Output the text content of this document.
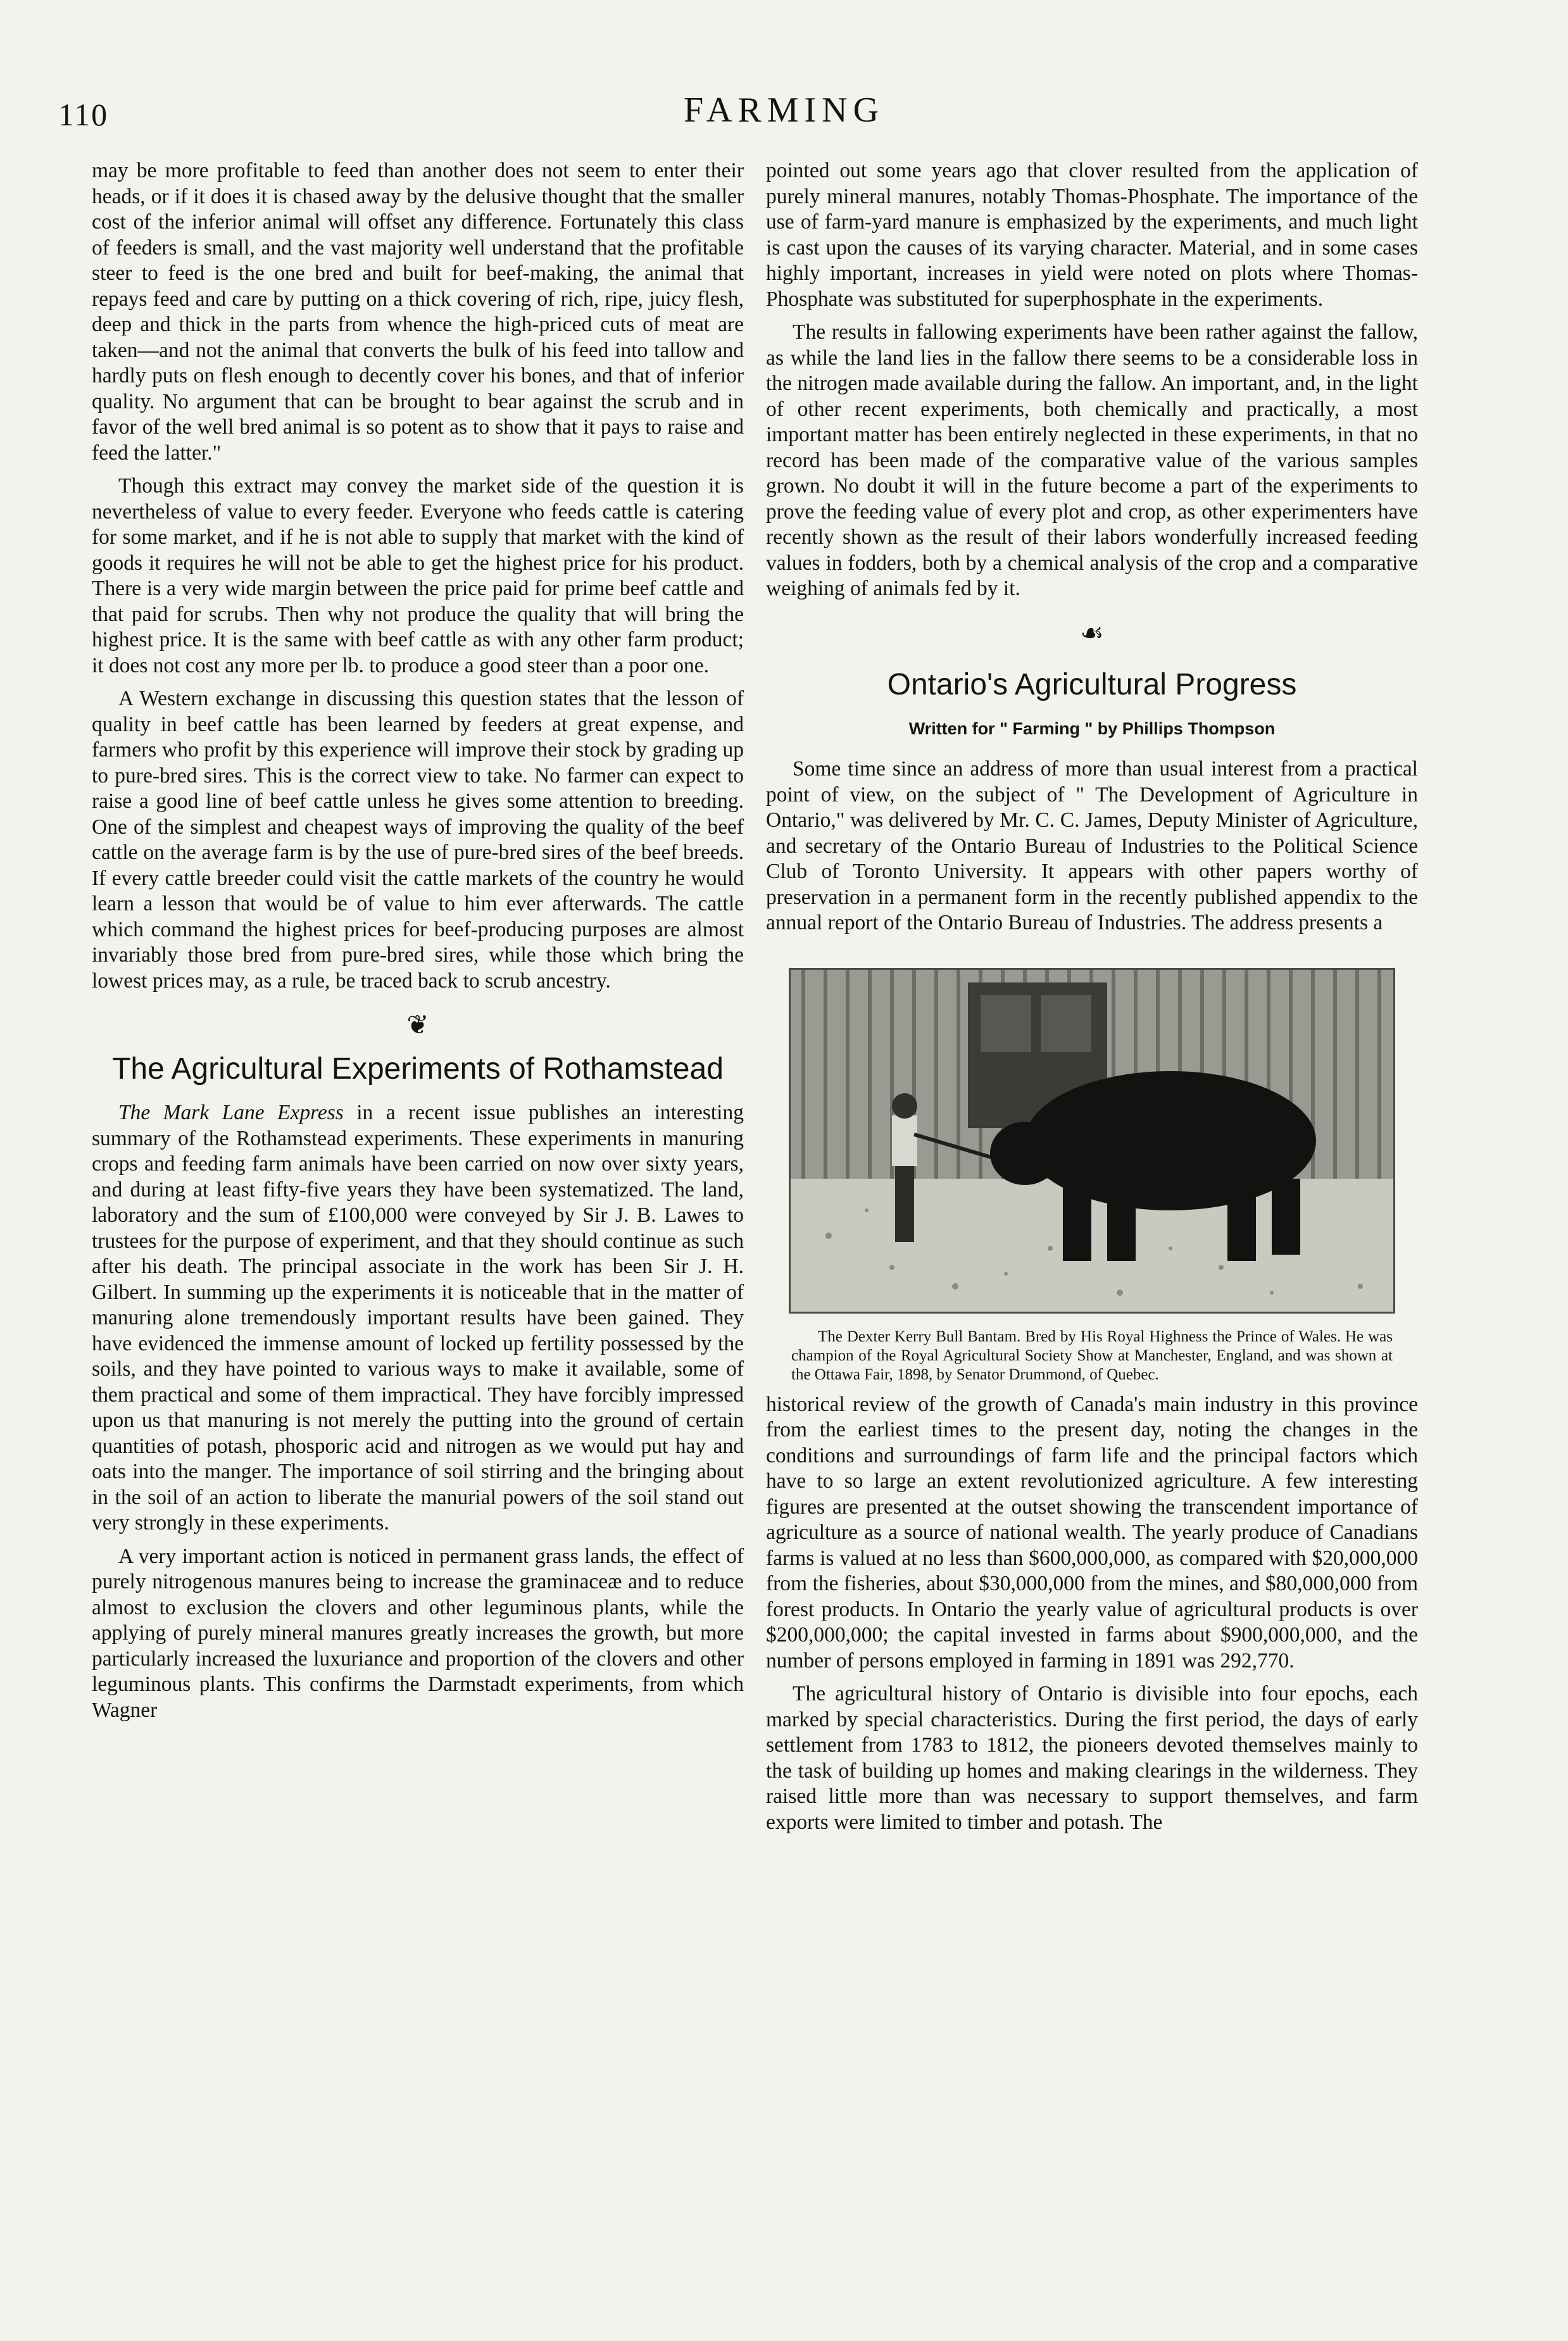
110	FARMING

may be more profitable to feed than another does not seem to enter their heads, or if it does it is chased away by the delusive thought that the smaller cost of the inferior animal will offset any difference. Fortunately this class of feeders is small, and the vast majority well understand that the profitable steer to feed is the one bred and built for beef-making, the animal that repays feed and care by putting on a thick covering of rich, ripe, juicy flesh, deep and thick in the parts from whence the high-priced cuts of meat are taken—and not the animal that converts the bulk of his feed into tallow and hardly puts on flesh enough to decently cover his bones, and that of inferior quality. No argument that can be brought to bear against the scrub and in favor of the well bred animal is so potent as to show that it pays to raise and feed the latter."

Though this extract may convey the market side of the question it is nevertheless of value to every feeder. Everyone who feeds cattle is catering for some market, and if he is not able to supply that market with the kind of goods it requires he will not be able to get the highest price for his product. There is a very wide margin between the price paid for prime beef cattle and that paid for scrubs. Then why not produce the quality that will bring the highest price. It is the same with beef cattle as with any other farm product; it does not cost any more per lb. to produce a good steer than a poor one.

A Western exchange in discussing this question states that the lesson of quality in beef cattle has been learned by feeders at great expense, and farmers who profit by this experience will improve their stock by grading up to pure-bred sires. This is the correct view to take. No farmer can expect to raise a good line of beef cattle unless he gives some attention to breeding. One of the simplest and cheapest ways of improving the quality of the beef cattle on the average farm is by the use of pure-bred sires of the beef breeds. If every cattle breeder could visit the cattle markets of the country he would learn a lesson that would be of value to him ever afterwards. The cattle which command the highest prices for beef-producing purposes are almost invariably those bred from pure-bred sires, while those which bring the lowest prices may, as a rule, be traced back to scrub ancestry.

❦
The Agricultural Experiments of Rothamstead

The Mark Lane Express in a recent issue publishes an interesting summary of the Rothamstead experiments. These experiments in manuring crops and feeding farm animals have been carried on now over sixty years, and during at least fifty-five years they have been systematized. The land, laboratory and the sum of £100,000 were conveyed by Sir J. B. Lawes to trustees for the purpose of experiment, and that they should continue as such after his death. The principal associate in the work has been Sir J. H. Gilbert. In summing up the experiments it is noticeable that in the matter of manuring alone tremendously important results have been gained. They have evidenced the immense amount of locked up fertility possessed by the soils, and they have pointed to various ways to make it available, some of them practical and some of them impractical. They have forcibly impressed upon us that manuring is not merely the putting into the ground of certain quantities of potash, phosporic acid and nitrogen as we would put hay and oats into the manger. The importance of soil stirring and the bringing about in the soil of an action to liberate the manurial powers of the soil stand out very strongly in these experiments.

A very important action is noticed in permanent grass lands, the effect of purely nitrogenous manures being to increase the graminaceæ and to reduce almost to exclusion the clovers and other leguminous plants, while the applying of purely mineral manures greatly increases the growth, but more particularly increased the luxuriance and proportion of the clovers and other leguminous plants. This confirms the Darmstadt experiments, from which Wagner

pointed out some years ago that clover resulted from the application of purely mineral manures, notably Thomas-Phosphate. The importance of the use of farm-yard manure is emphasized by the experiments, and much light is cast upon the causes of its varying character. Material, and in some cases highly important, increases in yield were noted on plots where Thomas-Phosphate was substituted for superphosphate in the experiments.

The results in fallowing experiments have been rather against the fallow, as while the land lies in the fallow there seems to be a considerable loss in the nitrogen made available during the fallow. An important, and, in the light of other recent experiments, both chemically and practically, a most important matter has been entirely neglected in these experiments, in that no record has been made of the comparative value of the various samples grown. No doubt it will in the future become a part of the experiments to prove the feeding value of every plot and crop, as other experimenters have recently shown as the result of their labors wonderfully increased feeding values in fodders, both by a chemical analysis of the crop and a comparative weighing of animals fed by it.

☙
Ontario's Agricultural Progress
Written for " Farming " by Phillips Thompson

Some time since an address of more than usual interest from a practical point of view, on the subject of " The Development of Agriculture in Ontario," was delivered by Mr. C. C. James, Deputy Minister of Agriculture, and secretary of the Ontario Bureau of Industries to the Political Science Club of Toronto University. It appears with other papers worthy of preservation in a permanent form in the recently published appendix to the annual report of the Ontario Bureau of Industries. The address presents a

The Dexter Kerry Bull Bantam. Bred by His Royal Highness the Prince of Wales. He was champion of the Royal Agricultural Society Show at Manchester, England, and was shown at the Ottawa Fair, 1898, by Senator Drummond, of Quebec.

historical review of the growth of Canada's main industry in this province from the earliest times to the present day, noting the changes in the conditions and surroundings of farm life and the principal factors which have to so large an extent revolutionized agriculture. A few interesting figures are presented at the outset showing the transcendent importance of agriculture as a source of national wealth. The yearly produce of Canadians farms is valued at no less than $600,000,000, as compared with $20,000,000 from the fisheries, about $30,000,000 from the mines, and $80,000,000 from forest products. In Ontario the yearly value of agricultural products is over $200,000,000; the capital invested in farms about $900,000,000, and the number of persons employed in farming in 1891 was 292,770.

The agricultural history of Ontario is divisible into four epochs, each marked by special characteristics. During the first period, the days of early settlement from 1783 to 1812, the pioneers devoted themselves mainly to the task of building up homes and making clearings in the wilderness. They raised little more than was necessary to support themselves, and farm exports were limited to timber and potash. The
